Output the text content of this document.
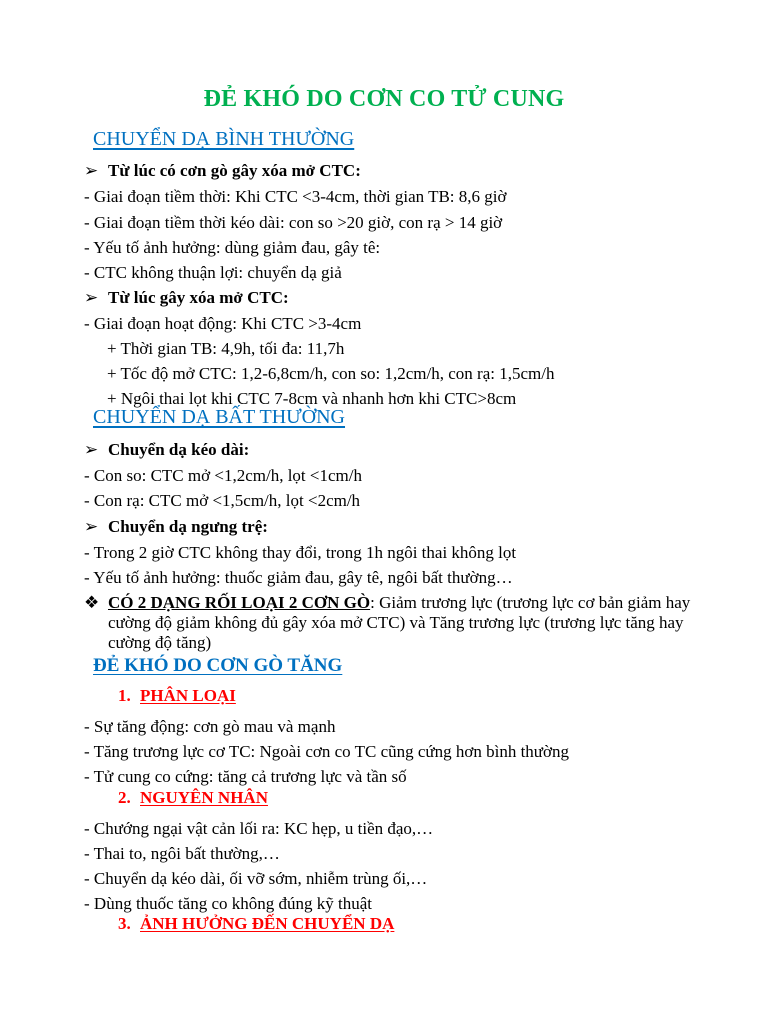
ĐẺ KHÓ DO CƠN CO TỬ CUNG
CHUYỂN DẠ BÌNH THƯỜNG
➢ Từ lúc có cơn gò gây xóa mở CTC:
- Giai đoạn tiềm thời: Khi CTC <3-4cm, thời gian TB: 8,6 giờ
- Giai đoạn tiềm thời kéo dài: con so >20 giờ, con rạ > 14 giờ
- Yếu tố ảnh hưởng: dùng giảm đau, gây tê:
- CTC không thuận lợi: chuyển dạ giả
➢ Từ lúc gây xóa mở CTC:
- Giai đoạn hoạt động: Khi CTC >3-4cm
+ Thời gian TB: 4,9h, tối đa: 11,7h
+ Tốc độ mở CTC: 1,2-6,8cm/h, con so: 1,2cm/h, con rạ: 1,5cm/h
+ Ngôi thai lọt khi CTC 7-8cm và nhanh hơn khi CTC>8cm
CHUYỂN DẠ BẤT THƯỜNG
➢ Chuyển dạ kéo dài:
- Con so: CTC mở <1,2cm/h, lọt <1cm/h
- Con rạ: CTC mở <1,5cm/h, lọt <2cm/h
➢ Chuyển dạ ngưng trệ:
- Trong 2 giờ CTC không thay đổi, trong 1h ngôi thai không lọt
- Yếu tố ảnh hưởng: thuốc giảm đau, gây tê, ngôi bất thường…
❖ CÓ 2 DẠNG RỐI LOẠI 2 CƠN GÒ: Giảm trương lực (trương lực cơ bản giảm hay cường độ giảm không đủ gây xóa mở CTC) và Tăng trương lực (trương lực tăng hay cường độ tăng)
ĐẺ KHÓ DO CƠN GÒ TĂNG
1. PHÂN LOẠI
- Sự tăng động: cơn gò mau và mạnh
- Tăng trương lực cơ TC: Ngoài cơn co TC cũng cứng hơn bình thường
- Tử cung co cứng: tăng cả trương lực và tần số
2. NGUYÊN NHÂN
- Chướng ngại vật cản lối ra: KC hẹp, u tiền đạo,…
- Thai to, ngôi bất thường,…
- Chuyển dạ kéo dài, ối vỡ sớm, nhiễm trùng ối,…
- Dùng thuốc tăng co không đúng kỹ thuật
3. ẢNH HƯỞNG ĐẾN CHUYỂN DẠ
